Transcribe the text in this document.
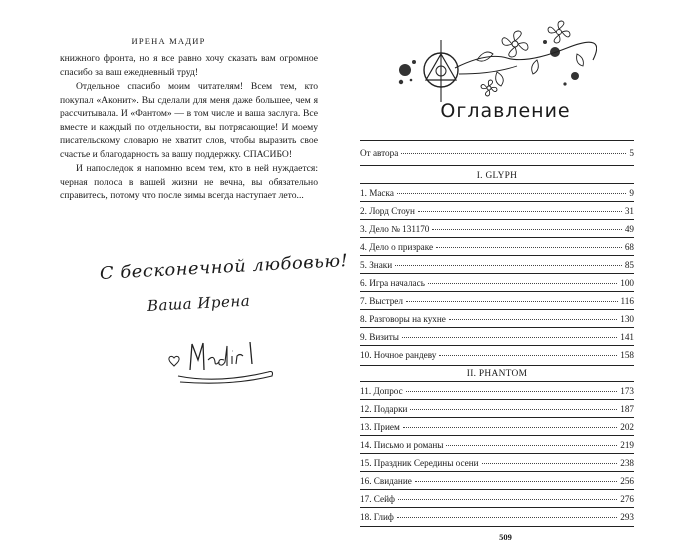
ИРЕНА МАДИР

книжного фронта, но я все равно хочу сказать вам огромное спасибо за ваш ежедневный труд!

Отдельное спасибо моим читателям! Всем тем, кто покупал «Аконит». Вы сделали для меня даже большее, чем я рассчитывала. И «Фантом» — в том числе и ваша заслуга. Все вместе и каждый по отдельности, вы потрясающие! И моему писательскому словарю не хватит слов, чтобы выразить свое счастье и благодарность за вашу поддержку. СПАСИБО!

И напоследок я напомню всем тем, кто в ней нуждается: черная полоса в вашей жизни не вечна, вы обязательно справитесь, потому что после зимы всегда наступает лето...

С бесконечной любовью!
Ваша Ирена
Оглавление
От автора	5
I. GLYPH
1. Маска	9
2. Лорд Стоун	31
3. Дело № 131170	49
4. Дело о призраке	68
5. Знаки	85
6. Игра началась	100
7. Выстрел	116
8. Разговоры на кухне	130
9. Визиты	141
10. Ночное рандеву	158
II. PHANTOM
11. Допрос	173
12. Подарки	187
13. Прием	202
14. Письмо и романы	219
15. Праздник Середины осени	238
16. Свидание	256
17. Сейф	276
18. Глиф	293
509
